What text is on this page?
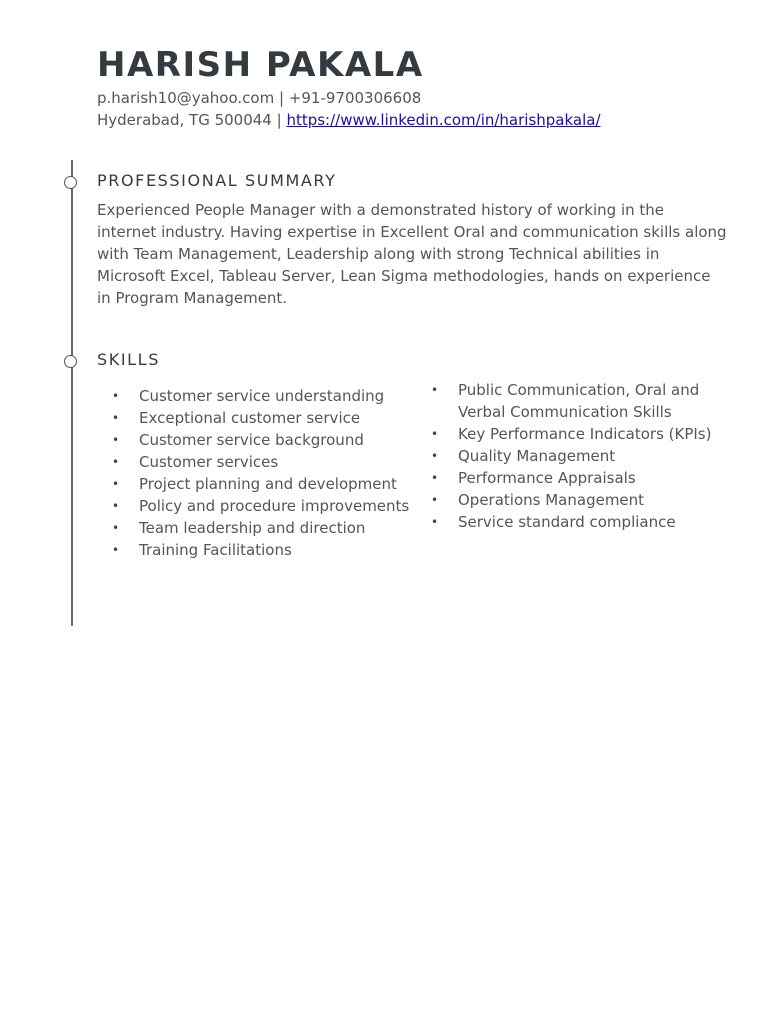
HARISH PAKALA
p.harish10@yahoo.com | +91-9700306608
Hyderabad, TG 500044 | https://www.linkedin.com/in/harishpakala/
PROFESSIONAL SUMMARY

Experienced People Manager with a demonstrated history of working in the internet industry. Having expertise in Excellent Oral and communication skills along with Team Management, Leadership along with strong Technical abilities in Microsoft Excel, Tableau Server, Lean Sigma methodologies, hands on experience in Program Management.

SKILLS
• Customer service understanding
• Exceptional customer service
• Customer service background
• Customer services
• Project planning and development
• Policy and procedure improvements
• Team leadership and direction
• Training Facilitations
• Public Communication, Oral and Verbal Communication Skills
• Key Performance Indicators (KPIs)
• Quality Management
• Performance Appraisals
• Operations Management
• Service standard compliance
